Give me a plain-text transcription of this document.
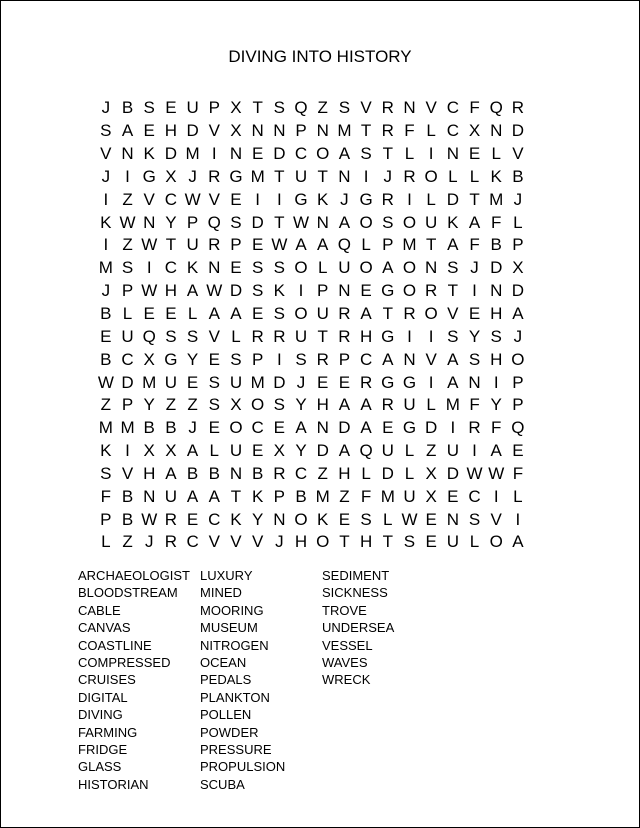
DIVING INTO HISTORY
J B S E U P X T S Q Z S V R N V C F Q R
S A E H D V X N N P N M T R F L C X N D
V N K D M I N E D C O A S T L I N E L V
J I G X J R G M T U T N I J R O L L K B
I Z V C W V E I I G K J G R I L D T M J
K W N Y P Q S D T W N A O S O U K A F L
I Z W T U R P E W A A Q L P M T A F B P
M S I C K N E S S O L U O A O N S J D X
J P W H A W D S K I P N E G O R T I N D
B L E E L A A E S O U R A T R O V E H A
E U Q S S V L R R U T R H G I I S Y S J
B C X G Y E S P I S R P C A N V A S H O
W D M U E S U M D J E E R G G I A N I P
Z P Y Z Z S X O S Y H A A R U L M F Y P
M M B B J E O C E A N D A E G D I R F Q
K I X X A L U E X Y D A Q U L Z U I A E
S V H A B B N B R C Z H L D L X D W W F
F B N U A A T K P B M Z F M U X E C I L
P B W R E C K Y N O K E S L W E N S V I
L Z J R C V V V J H O T H T S E U L O A
ARCHAEOLOGIST
BLOODSTREAM
CABLE
CANVAS
COASTLINE
COMPRESSED
CRUISES
DIGITAL
DIVING
FARMING
FRIDGE
GLASS
HISTORIAN
LUXURY
MINED
MOORING
MUSEUM
NITROGEN
OCEAN
PEDALS
PLANKTON
POLLEN
POWDER
PRESSURE
PROPULSION
SCUBA
SEDIMENT
SICKNESS
TROVE
UNDERSEA
VESSEL
WAVES
WRECK
